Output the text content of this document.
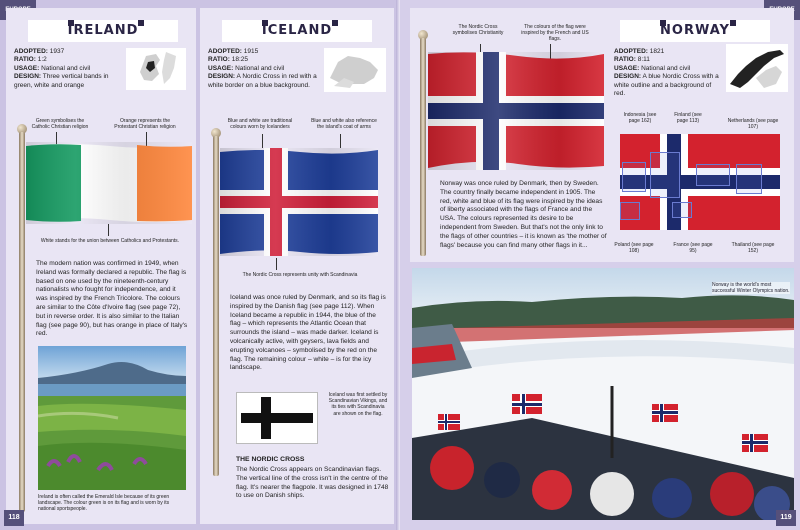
IRELAND
ADOPTED: 1937
RATIO: 1:2
USAGE: National and civil
DESIGN: Three vertical bands in green, white and orange
Green symbolises the Catholic Christian religion
Orange represents the Protestant Christian religion
White stands for the union between Catholics and Protestants.
The modern nation was confirmed in 1949, when Ireland was formally declared a republic. The flag is based on one used by the nineteenth-century nationalists who fought for independence, and it was inspired by the French Tricolore. The colours are similar to the Côte d'Ivoire flag (see page 72), but in reverse order. It is also similar to the Italian flag (see page 90), but has orange in place of Italy's red.
Ireland is often called the Emerald Isle because of its green landscape. The colour green is on its flag and is worn by its national sportspeople.
ICELAND
ADOPTED: 1915
RATIO: 18:25
USAGE: National and civil
DESIGN: A Nordic Cross in red with a white border on a blue background.
Blue and white are traditional colours worn by Icelanders
Blue and white also reference the island's coat of arms
The Nordic Cross represents unity with Scandinavia
Iceland was once ruled by Denmark, and so its flag is inspired by the Danish flag (see page 112). When Iceland became a republic in 1944, the blue of the flag – which represents the Atlantic Ocean that surrounds the island – was made darker. Iceland is volcanically active, with geysers, lava fields and erupting volcanoes – symbolised by the red on the flag. The remaining colour – white – is for the icy landscape.
Iceland was first settled by Scandinavian Vikings, and its ties with Scandinavia are shown on the flag.
THE NORDIC CROSS
The Nordic Cross appears on Scandinavian flags. The vertical line of the cross isn't in the centre of the flag. It's nearer the flagpole. It was designed in 1748 to use on Danish ships.
118
The Nordic Cross symbolises Christianity
The colours of the flag were inspired by the French and US flags.
Norway was once ruled by Denmark, then by Sweden. The country finally became independent in 1905. The red, white and blue of its flag were inspired by the ideas of liberty associated with the flags of France and the USA. The colours represented its desire to be independent from Sweden. But that's not the only link to the flags of other countries – it is known as 'the mother of flags' because you can find many other flags in it...
NORWAY
ADOPTED: 1821
RATIO: 8:11
USAGE: National and civil
DESIGN: A blue Nordic Cross with a white outline and a background of red.
Indonesia (see page 162)
Finland (see page 113)	Netherlands (see page 107)
Poland (see page 108)
France (see page 95)
Thailand (see page 152)
Norway is the world's most successful Winter Olympics nation.
119
